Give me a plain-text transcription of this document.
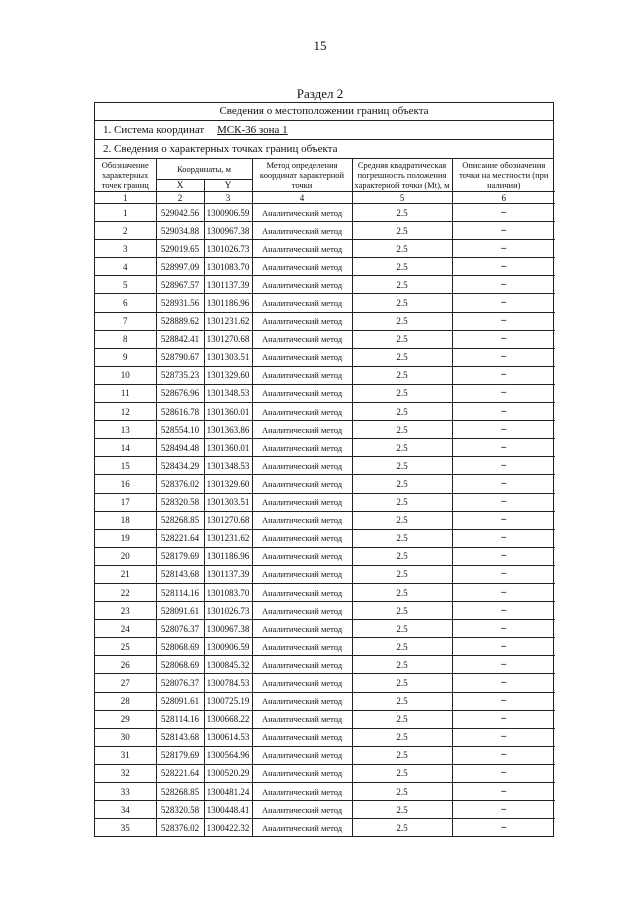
15
Раздел 2
Сведения о местоположении границ объекта
1. Система координат МСК-36 зона 1
2. Сведения о характерных точках границ объекта
Обозначение характерных точек границ	Координаты, м		Метод определения координат характерной точки	Средняя квадратическая погрешность положения характерной точки (Mt), м	Описание обозначения точки на местности (при наличии)
	X	Y			
1	2	3	4	5	6
1	529042.56	1300906.59	Аналитический метод	2.5	–
2	529034.88	1300967.38	Аналитический метод	2.5	–
3	529019.65	1301026.73	Аналитический метод	2.5	–
4	528997.09	1301083.70	Аналитический метод	2.5	–
5	528967.57	1301137.39	Аналитический метод	2.5	–
6	528931.56	1301186.96	Аналитический метод	2.5	–
7	528889.62	1301231.62	Аналитический метод	2.5	–
8	528842.41	1301270.68	Аналитический метод	2.5	–
9	528790.67	1301303.51	Аналитический метод	2.5	–
10	528735.23	1301329.60	Аналитический метод	2.5	–
11	528676.96	1301348.53	Аналитический метод	2.5	–
12	528616.78	1301360.01	Аналитический метод	2.5	–
13	528554.10	1301363.86	Аналитический метод	2.5	–
14	528494.48	1301360.01	Аналитический метод	2.5	–
15	528434.29	1301348.53	Аналитический метод	2.5	–
16	528376.02	1301329.60	Аналитический метод	2.5	–
17	528320.58	1301303.51	Аналитический метод	2.5	–
18	528268.85	1301270.68	Аналитический метод	2.5	–
19	528221.64	1301231.62	Аналитический метод	2.5	–
20	528179.69	1301186.96	Аналитический метод	2.5	–
21	528143.68	1301137.39	Аналитический метод	2.5	–
22	528114.16	1301083.70	Аналитический метод	2.5	–
23	528091.61	1301026.73	Аналитический метод	2.5	–
24	528076.37	1300967.38	Аналитический метод	2.5	–
25	528068.69	1300906.59	Аналитический метод	2.5	–
26	528068.69	1300845.32	Аналитический метод	2.5	–
27	528076.37	1300784.53	Аналитический метод	2.5	–
28	528091.61	1300725.19	Аналитический метод	2.5	–
29	528114.16	1300668.22	Аналитический метод	2.5	–
30	528143.68	1300614.53	Аналитический метод	2.5	–
31	528179.69	1300564.96	Аналитический метод	2.5	–
32	528221.64	1300520.29	Аналитический метод	2.5	–
33	528268.85	1300481.24	Аналитический метод	2.5	–
34	528320.58	1300448.41	Аналитический метод	2.5	–
35	528376.02	1300422.32	Аналитический метод	2.5	–
